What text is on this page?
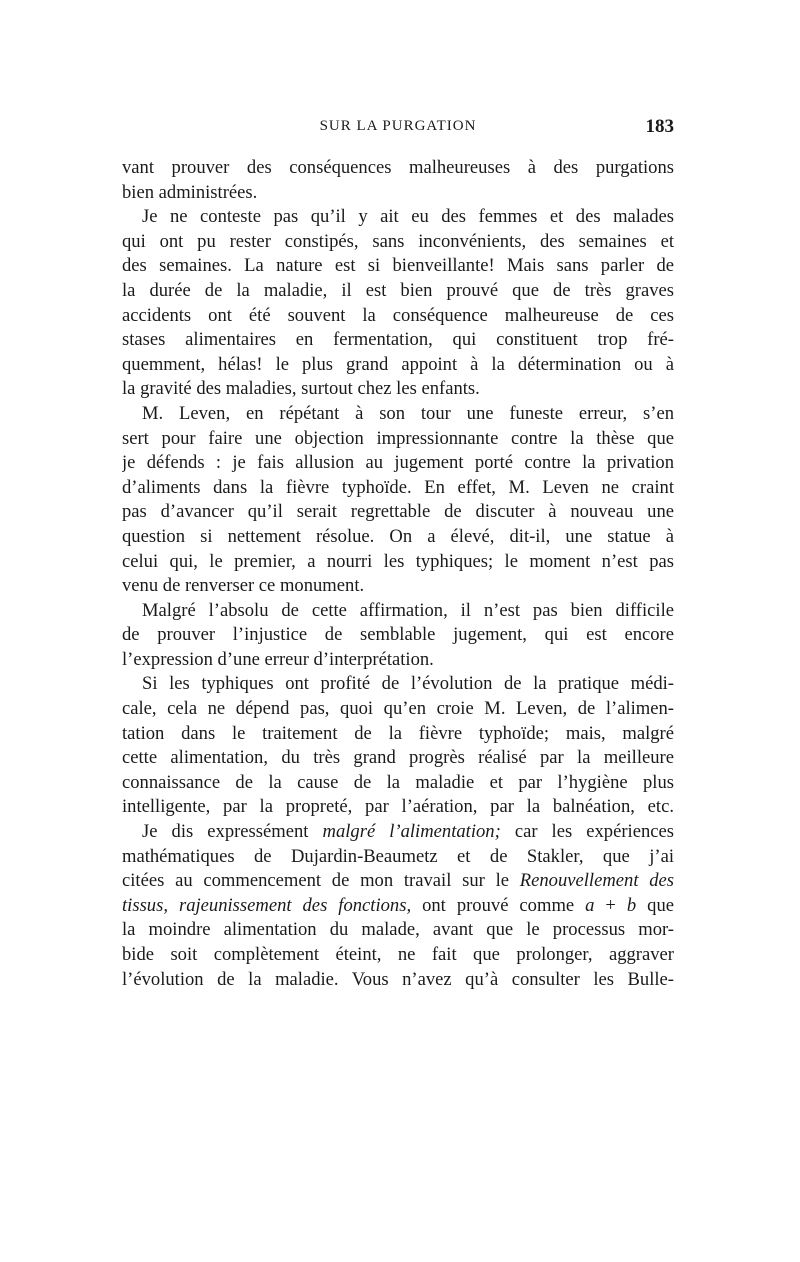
SUR LA PURGATION	183
vant prouver des conséquences malheureuses à des purgations
bien administrées.
Je ne conteste pas qu’il y ait eu des femmes et des malades
qui ont pu rester constipés, sans inconvénients, des semaines et
des semaines. La nature est si bienveillante! Mais sans parler de
la durée de la maladie, il est bien prouvé que de très graves
accidents ont été souvent la conséquence malheureuse de ces
stases alimentaires en fermentation, qui constituent trop fré-
quemment, hélas! le plus grand appoint à la détermination ou à
la gravité des maladies, surtout chez les enfants.
M. Leven, en répétant à son tour une funeste erreur, s’en
sert pour faire une objection impressionnante contre la thèse que
je défends : je fais allusion au jugement porté contre la privation
d’aliments dans la fièvre typhoïde. En effet, M. Leven ne craint
pas d’avancer qu’il serait regrettable de discuter à nouveau une
question si nettement résolue. On a élevé, dit-il, une statue à
celui qui, le premier, a nourri les typhiques; le moment n’est pas
venu de renverser ce monument.
Malgré l’absolu de cette affirmation, il n’est pas bien difficile
de prouver l’injustice de semblable jugement, qui est encore
l’expression d’une erreur d’interprétation.
Si les typhiques ont profité de l’évolution de la pratique médi-
cale, cela ne dépend pas, quoi qu’en croie M. Leven, de l’alimen-
tation dans le traitement de la fièvre typhoïde; mais, malgré
cette alimentation, du très grand progrès réalisé par la meilleure
connaissance de la cause de la maladie et par l’hygiène plus
intelligente, par la propreté, par l’aération, par la balnéation, etc.
Je dis expressément malgré l’alimentation; car les expériences
mathématiques de Dujardin-Beaumetz et de Stakler, que j’ai
citées au commencement de mon travail sur le Renouvellement des
tissus, rajeunissement des fonctions, ont prouvé comme a + b que
la moindre alimentation du malade, avant que le processus mor-
bide soit complètement éteint, ne fait que prolonger, aggraver
l’évolution de la maladie. Vous n’avez qu’à consulter les Bulle-
